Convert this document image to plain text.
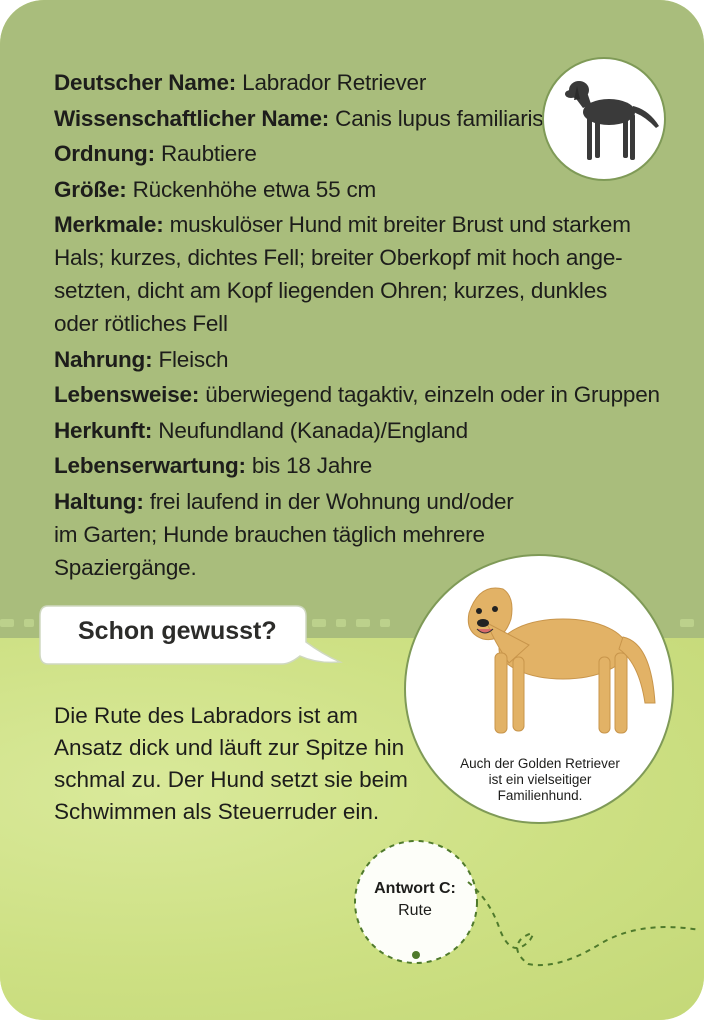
Deutscher Name: Labrador Retriever
Wissenschaftlicher Name: Canis lupus familiaris
Ordnung: Raubtiere
Größe: Rückenhöhe etwa 55 cm
Merkmale: muskulöser Hund mit breiter Brust und starkem Hals; kurzes, dichtes Fell; breiter Oberkopf mit hoch ange-setzten, dicht am Kopf liegenden Ohren; kurzes, dunkles oder rötliches Fell
Nahrung: Fleisch
Lebensweise: überwiegend tagaktiv, einzeln oder in Gruppen
Herkunft: Neufundland (Kanada)/England
Lebenserwartung: bis 18 Jahre
Haltung: frei laufend in der Wohnung und/oder im Garten; Hunde brauchen täglich mehrere Spaziergänge.
Schon gewusst?

Die Rute des Labradors ist am
Ansatz dick und läuft zur Spitze hin
schmal zu. Der Hund setzt sie beim
Schwimmen als Steuerruder ein.

Auch der Golden Retriever
ist ein vielseitiger
Familienhund.
Antwort C:
Rute
